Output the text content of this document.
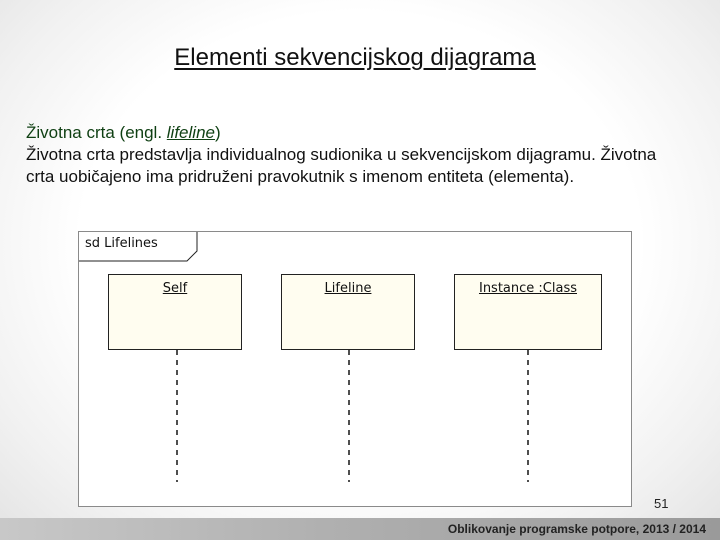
Elementi sekvencijskog dijagrama
Životna crta (engl. lifeline)
Životna crta predstavlja individualnog sudionika u sekvencijskom dijagramu. Životna crta uobičajeno ima pridruženi pravokutnik s imenom entiteta (elementa).
sd Lifelines
Self	Lifeline	Instance :Class
51
Oblikovanje programske potpore, 2013 / 2014
